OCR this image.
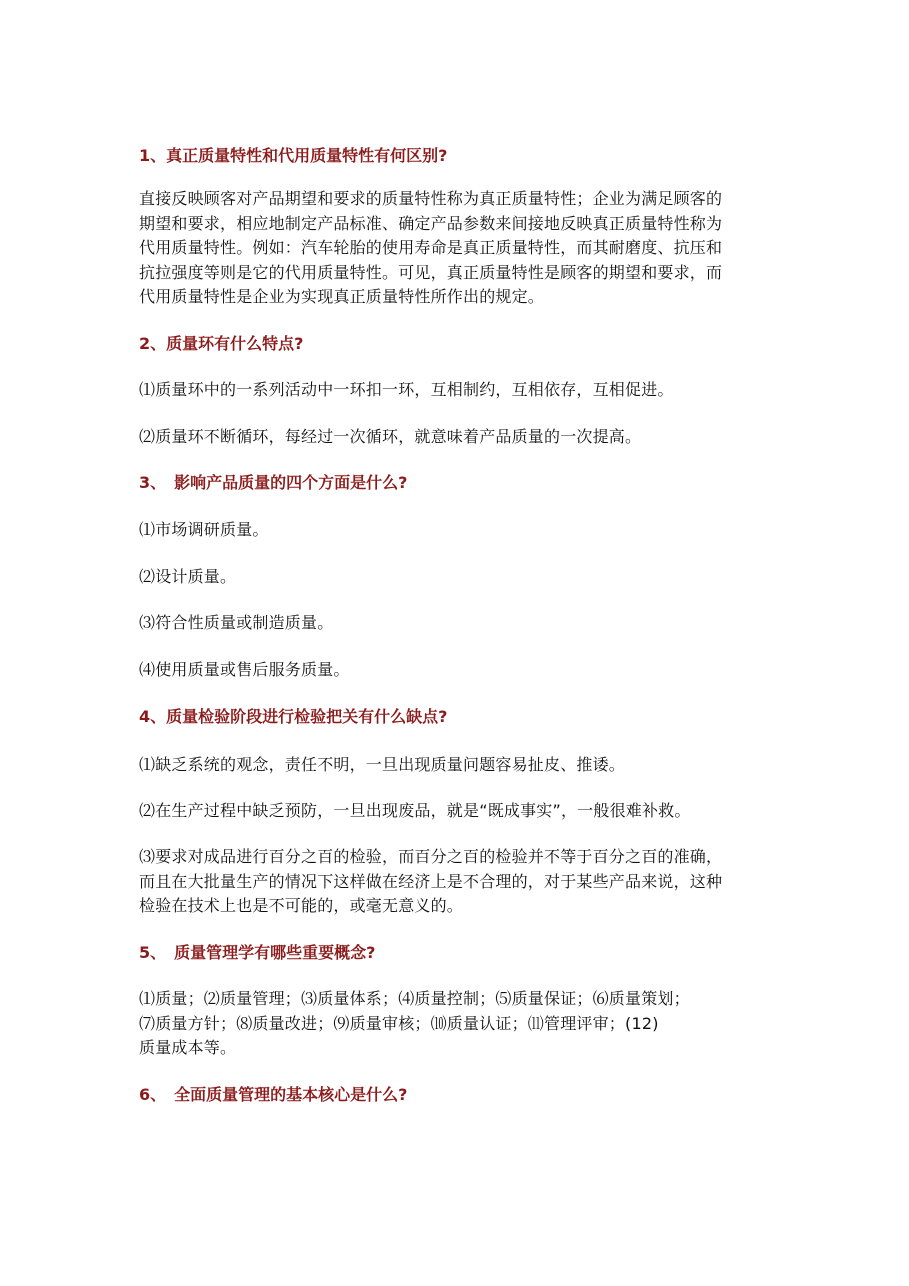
1、真正质量特性和代用质量特性有何区别?
直接反映顾客对产品期望和要求的质量特性称为真正质量特性；企业为满足顾客的
期望和要求，相应地制定产品标准、确定产品参数来间接地反映真正质量特性称为
代用质量特性。例如：汽车轮胎的使用寿命是真正质量特性，而其耐磨度、抗压和
抗拉强度等则是它的代用质量特性。可见，真正质量特性是顾客的期望和要求，而
代用质量特性是企业为实现真正质量特性所作出的规定。
2、质量环有什么特点?
⑴质量环中的一系列活动中一环扣一环，互相制约，互相依存，互相促进。
⑵质量环不断循环，每经过一次循环，就意味着产品质量的一次提高。
3、　影响产品质量的四个方面是什么?
⑴市场调研质量。
⑵设计质量。
⑶符合性质量或制造质量。
⑷使用质量或售后服务质量。
4、质量检验阶段进行检验把关有什么缺点?
⑴缺乏系统的观念，责任不明，一旦出现质量问题容易扯皮、推诿。
⑵在生产过程中缺乏预防，一旦出现废品，就是“既成事实”，一般很难补救。
⑶要求对成品进行百分之百的检验，而百分之百的检验并不等于百分之百的准确，
而且在大批量生产的情况下这样做在经济上是不合理的，对于某些产品来说，这种
检验在技术上也是不可能的，或毫无意义的。
5、　质量管理学有哪些重要概念?
⑴质量；⑵质量管理；⑶质量体系；⑷质量控制；⑸质量保证；⑹质量策划；
⑺质量方针；⑻质量改进；⑼质量审核；⑽质量认证；⑾管理评审；(12)
质量成本等。
6、　全面质量管理的基本核心是什么?
